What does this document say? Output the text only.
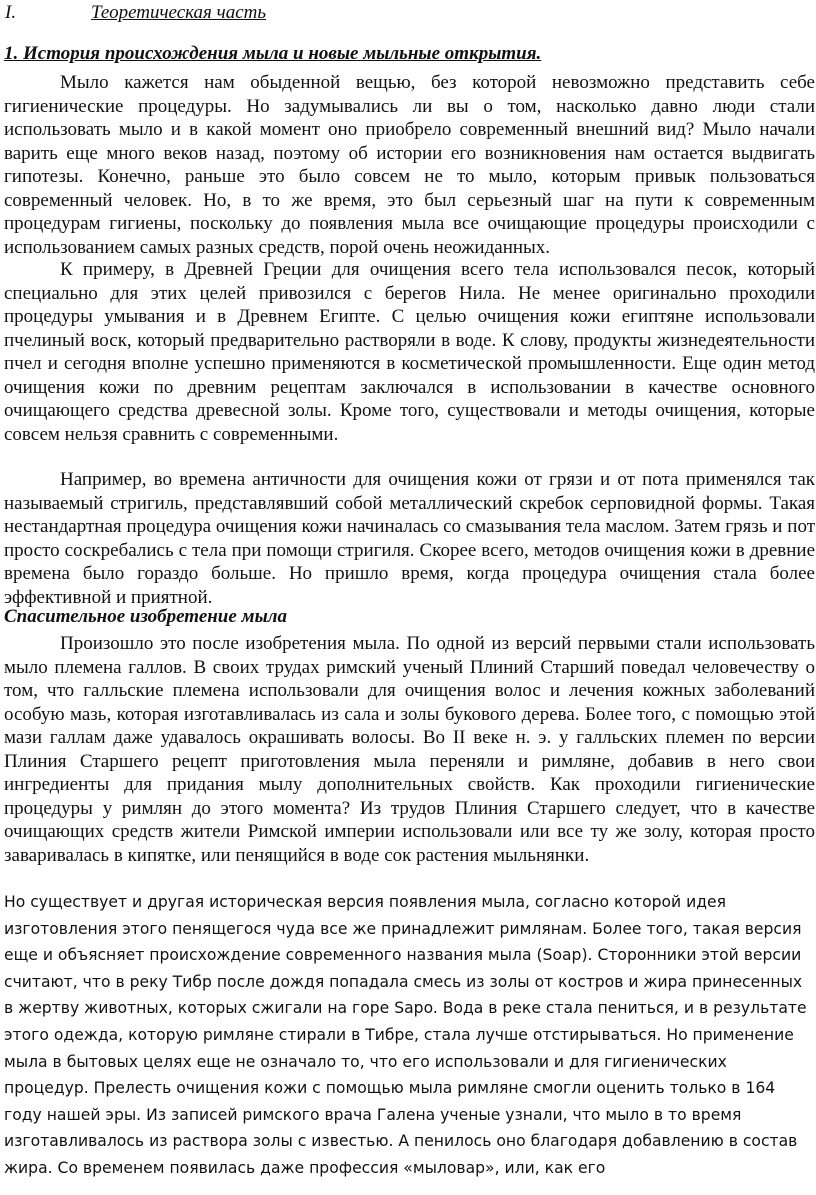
I.	Теоретическая часть
1. История происхождения мыла и новые мыльные открытия.
Мыло кажется нам обыденной вещью, без которой невозможно представить себе гигиенические процедуры. Но задумывались ли вы о том, насколько давно люди стали использовать мыло и в какой момент оно приобрело современный внешний вид? Мыло начали варить еще много веков назад, поэтому об истории его возникновения нам остается выдвигать гипотезы. Конечно, раньше это было совсем не то мыло, которым привык пользоваться современный человек. Но, в то же время, это был серьезный шаг на пути к современным процедурам гигиены, поскольку до появления мыла все очищающие процедуры происходили с использованием самых разных средств, порой очень неожиданных.
К примеру, в Древней Греции для очищения всего тела использовался песок, который специально для этих целей привозился с берегов Нила. Не менее оригинально проходили процедуры умывания и в Древнем Египте. С целью очищения кожи египтяне использовали пчелиный воск, который предварительно растворяли в воде. К слову, продукты жизнедеятельности пчел и сегодня вполне успешно применяются в косметической промышленности. Еще один метод очищения кожи по древним рецептам заключался в использовании в качестве основного очищающего средства древесной золы. Кроме того, существовали и методы очищения, которые совсем нельзя сравнить с современными.
Например, во времена античности для очищения кожи от грязи и от пота применялся так называемый стригиль, представлявший собой металлический скребок серповидной формы. Такая нестандартная процедура очищения кожи начиналась со смазывания тела маслом. Затем грязь и пот просто соскребались с тела при помощи стригиля. Скорее всего, методов очищения кожи в древние времена было гораздо больше. Но пришло время, когда процедура очищения стала более эффективной и приятной.
Спасительное изобретение мыла
Произошло это после изобретения мыла. По одной из версий первыми стали использовать мыло племена галлов. В своих трудах римский ученый Плиний Старший поведал человечеству о том, что галльские племена использовали для очищения волос и лечения кожных заболеваний особую мазь, которая изготавливалась из сала и золы букового дерева. Более того, с помощью этой мази галлам даже удавалось окрашивать волосы. Во II веке н. э. у галльских племен по версии Плиния Старшего рецепт приготовления мыла переняли и римляне, добавив в него свои ингредиенты для придания мылу дополнительных свойств. Как проходили гигиенические процедуры у римлян до этого момента? Из трудов Плиния Старшего следует, что в качестве очищающих средств жители Римской империи использовали или все ту же золу, которая просто заваривалась в кипятке, или пенящийся в воде сок растения мыльнянки.
Но существует и другая историческая версия появления мыла, согласно которой идея изготовления этого пенящегося чуда все же принадлежит римлянам. Более того, такая версия еще и объясняет происхождение современного названия мыла (Soap). Сторонники этой версии считают, что в реку Тибр после дождя попадала смесь из золы от костров и жира принесенных в жертву животных, которых сжигали на горе Sapo. Вода в реке стала пениться, и в результате этого одежда, которую римляне стирали в Тибре, стала лучше отстирываться. Но применение мыла в бытовых целях еще не означало то, что его использовали и для гигиенических процедур. Прелесть очищения кожи с помощью мыла римляне смогли оценить только в 164 году нашей эры. Из записей римского врача Галена ученые узнали, что мыло в то время изготавливалось из раствора золы с известью. А пенилось оно благодаря добавлению в состав жира. Со временем появилась даже профессия «мыловар», или, как его
